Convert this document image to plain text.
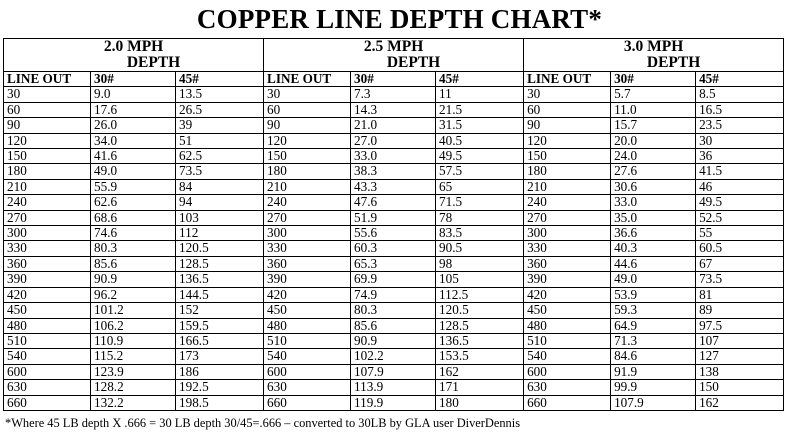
COPPER LINE DEPTH CHART*
2.0 MPH			2.5 MPH			3.0 MPH		
DEPTH			DEPTH			DEPTH		
LINE OUT	30#	45#	LINE OUT	30#	45#	LINE OUT	30#	45#
30	9.0	13.5	30	7.3	11	30	5.7	8.5
60	17.6	26.5	60	14.3	21.5	60	11.0	16.5
90	26.0	39	90	21.0	31.5	90	15.7	23.5
120	34.0	51	120	27.0	40.5	120	20.0	30
150	41.6	62.5	150	33.0	49.5	150	24.0	36
180	49.0	73.5	180	38.3	57.5	180	27.6	41.5
210	55.9	84	210	43.3	65	210	30.6	46
240	62.6	94	240	47.6	71.5	240	33.0	49.5
270	68.6	103	270	51.9	78	270	35.0	52.5
300	74.6	112	300	55.6	83.5	300	36.6	55
330	80.3	120.5	330	60.3	90.5	330	40.3	60.5
360	85.6	128.5	360	65.3	98	360	44.6	67
390	90.9	136.5	390	69.9	105	390	49.0	73.5
420	96.2	144.5	420	74.9	112.5	420	53.9	81
450	101.2	152	450	80.3	120.5	450	59.3	89
480	106.2	159.5	480	85.6	128.5	480	64.9	97.5
510	110.9	166.5	510	90.9	136.5	510	71.3	107
540	115.2	173	540	102.2	153.5	540	84.6	127
600	123.9	186	600	107.9	162	600	91.9	138
630	128.2	192.5	630	113.9	171	630	99.9	150
660	132.2	198.5	660	119.9	180	660	107.9	162
*Where 45 LB depth X .666 = 30 LB depth 30/45=.666 – converted to 30LB by GLA user DiverDennis
